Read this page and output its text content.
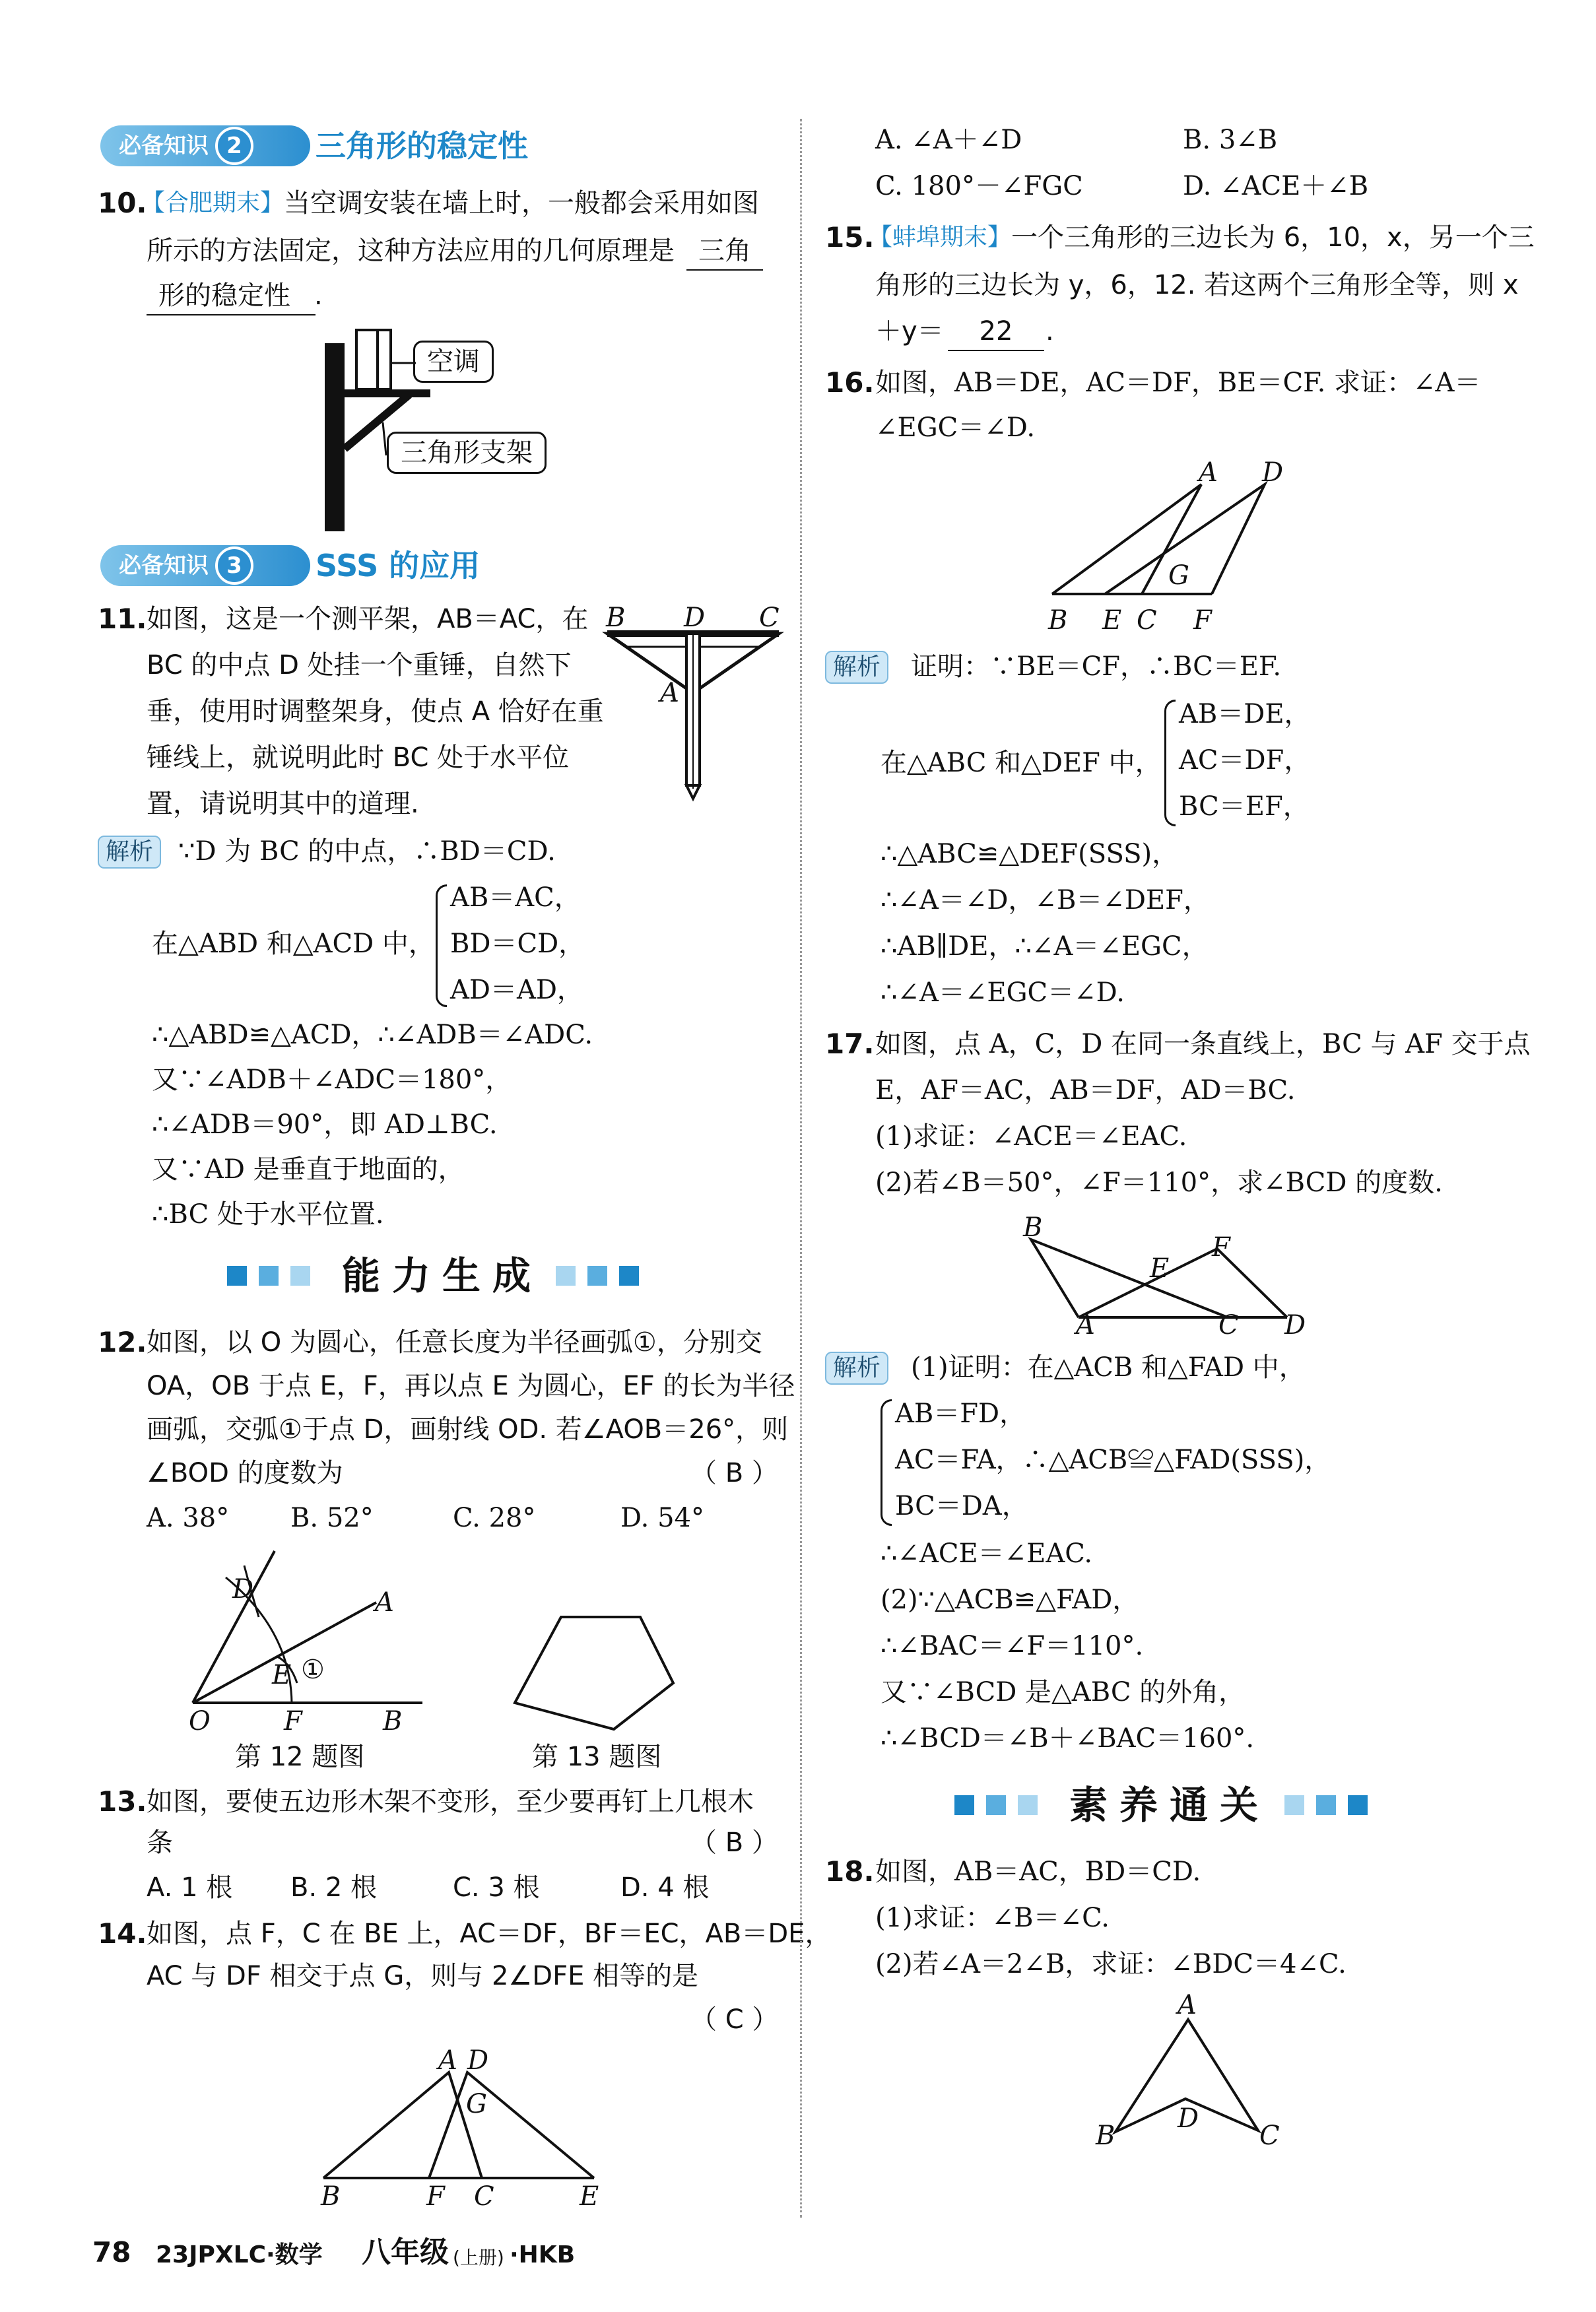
必备知识 2	三角形的稳定性
10.
【合肥期末】 当空调安装在墙上时，一般都会采用如图
所示的方法固定，这种方法应用的几何原理是 三角
形的稳定性 .
空调
三角形支架
必备知识 3	SSS 的应用
11. 如图，这是一个测平架，AB＝AC，在
BC 的中点 D 处挂一个重锤，自然下
垂，使用时调整架身，使点 A 恰好在重
锤线上，就说明此时 BC 处于水平位
置，请说明其中的道理.
B D C
A
解析 ∵D 为 BC 的中点，∴BD＝CD.
在△ABD 和△ACD 中，
AB＝AC，
BD＝CD，
AD＝AD，
∴△ABD≌△ACD，∴∠ADB＝∠ADC.
又∵∠ADB＋∠ADC＝180°，
∴∠ADB＝90°，即 AD⊥BC.
又∵AD 是垂直于地面的，
∴BC 处于水平位置.
能力生成
12. 如图，以 O 为圆心，任意长度为半径画弧①，分别交
OA，OB 于点 E，F，再以点 E 为圆心，EF 的长为半径
画弧，交弧①于点 D，画射线 OD. 若∠AOB＝26°，则
∠BOD 的度数为	（ B ）
A. 38° B. 52°	C. 28°	D. 54°
D	A
E ①
O	F	B
第 12 题图	第 13 题图
13. 如图，要使五边形木架不变形，至少要再钉上几根木
条	（ B ）
A. 1 根 B. 2 根	C. 3 根	D. 4 根
14. 如图，点 F，C 在 BE 上，AC＝DF，BF＝EC，AB＝DE，
AC 与 DF 相交于点 G，则与 2∠DFE 相等的是
（ C ）
A D
G
B	F C	E
78 23JPXLC·数学 八年级 (上册) ·HKB
A. ∠A＋∠D	B. 3∠B
C. 180°－∠FGC	D. ∠ACE＋∠B
15.
【蚌埠期末】 一个三角形的三边长为 6，10，x，另一个三
角形的三边长为 y，6，12. 若这两个三角形全等，则 x
＋y＝	22	.
16. 如图，AB＝DE，AC＝DF，BE＝CF. 求证：∠A＝
∠EGC＝∠D.
A D
G
B E C F
解析	证明：∵BE＝CF，∴BC＝EF.
在△ABC 和△DEF 中，
AB＝DE，
AC＝DF，
BC＝EF，
∴△ABC≌△DEF(SSS)，
∴∠A＝∠D，∠B＝∠DEF，
∴AB∥DE，∴∠A＝∠EGC，
∴∠A＝∠EGC＝∠D.
17. 如图，点 A，C，D 在同一条直线上，BC 与 AF 交于点
E，AF＝AC，AB＝DF，AD＝BC.
(1)求证：∠ACE＝∠EAC.
(2)若∠B＝50°，∠F＝110°，求∠BCD 的度数.
B
F
E
A	C D
解析	(1)证明：在△ACB 和△FAD 中，
AB＝FD，
AC＝FA，∴△ACB≌△FAD(SSS)，
BC＝DA，
∴∠ACE＝∠EAC.
(2)∵△ACB≌△FAD，
∴∠BAC＝∠F＝110°.
又∵∠BCD 是△ABC 的外角，
∴∠BCD＝∠B＋∠BAC＝160°.
素养通关
18. 如图，AB＝AC，BD＝CD.
(1)求证：∠B＝∠C.
(2)若∠A＝2∠B，求证：∠BDC＝4∠C.
A
B
D
C
